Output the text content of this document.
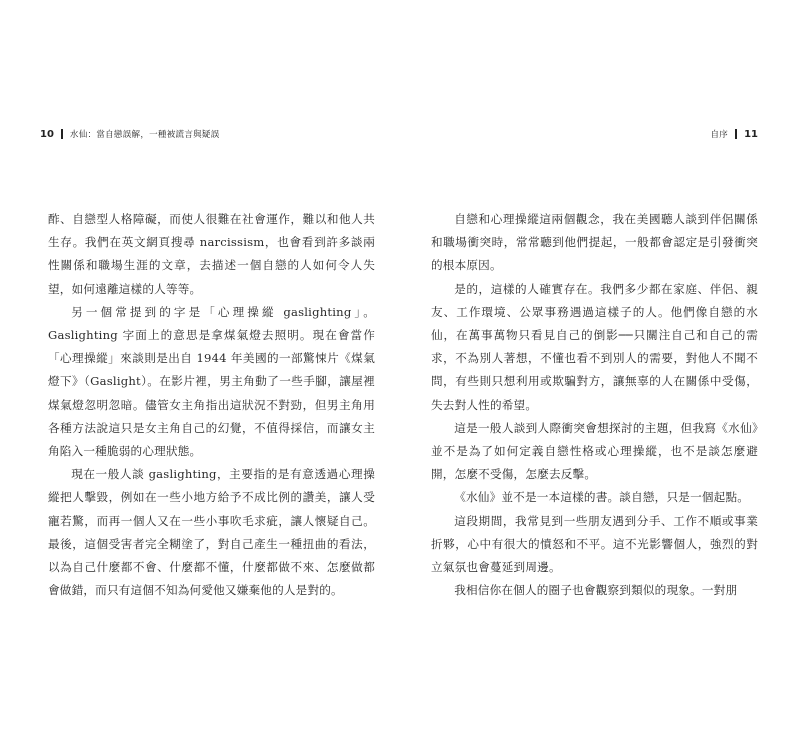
10 水仙：當自戀誤解，一種被謊言與疑誤

酢、自戀型人格障礙，而使人很難在社會運作，難以和他人共生存。我們在英文網頁搜尋 narcissism，也會看到許多談兩性關係和職場生涯的文章，去描述一個自戀的人如何令人失望，如何遠離這樣的人等等。

另一個常提到的字是「心理操縱 gaslighting」。Gaslighting 字面上的意思是拿煤氣燈去照明。現在會當作「心理操縱」來談則是出自 1944 年美國的一部驚悚片《煤氣燈下》（Gaslight）。在影片裡，男主角動了一些手腳，讓屋裡煤氣燈忽明忽暗。儘管女主角指出這狀況不對勁，但男主角用各種方法說這只是女主角自己的幻覺，不值得採信，而讓女主角陷入一種脆弱的心理狀態。

現在一般人談 gaslighting，主要指的是有意透過心理操縱把人擊毀，例如在一些小地方給予不成比例的讚美，讓人受寵若驚，而再一個人又在一些小事吹毛求疵，讓人懷疑自己。最後，這個受害者完全糊塗了，對自己產生一種扭曲的看法，以為自己什麼都不會、什麼都不懂，什麼都做不來、怎麼做都會做錯，而只有這個不知為何愛他又嫌棄他的人是對的。

自序 11

自戀和心理操縱這兩個觀念，我在美國聽人談到伴侶關係和職場衝突時，常常聽到他們提起，一般都會認定是引發衝突的根本原因。

是的，這樣的人確實存在。我們多少都在家庭、伴侶、親友、工作環境、公眾事務遇過這樣子的人。他們像自戀的水仙，在萬事萬物只看見自己的倒影──只關注自己和自己的需求，不為別人著想，不懂也看不到別人的需要，對他人不聞不問，有些則只想利用或欺騙對方，讓無辜的人在關係中受傷，失去對人性的希望。

這是一般人談到人際衝突會想探討的主題，但我寫《水仙》並不是為了如何定義自戀性格或心理操縱，也不是談怎麼避開，怎麼不受傷，怎麼去反擊。

《水仙》並不是一本這樣的書。談自戀，只是一個起點。

這段期間，我常見到一些朋友遇到分手、工作不順或事業折夥，心中有很大的憤怒和不平。這不光影響個人，強烈的對立氣氛也會蔓延到周邊。

我相信你在個人的圈子也會觀察到類似的現象。一對朋
